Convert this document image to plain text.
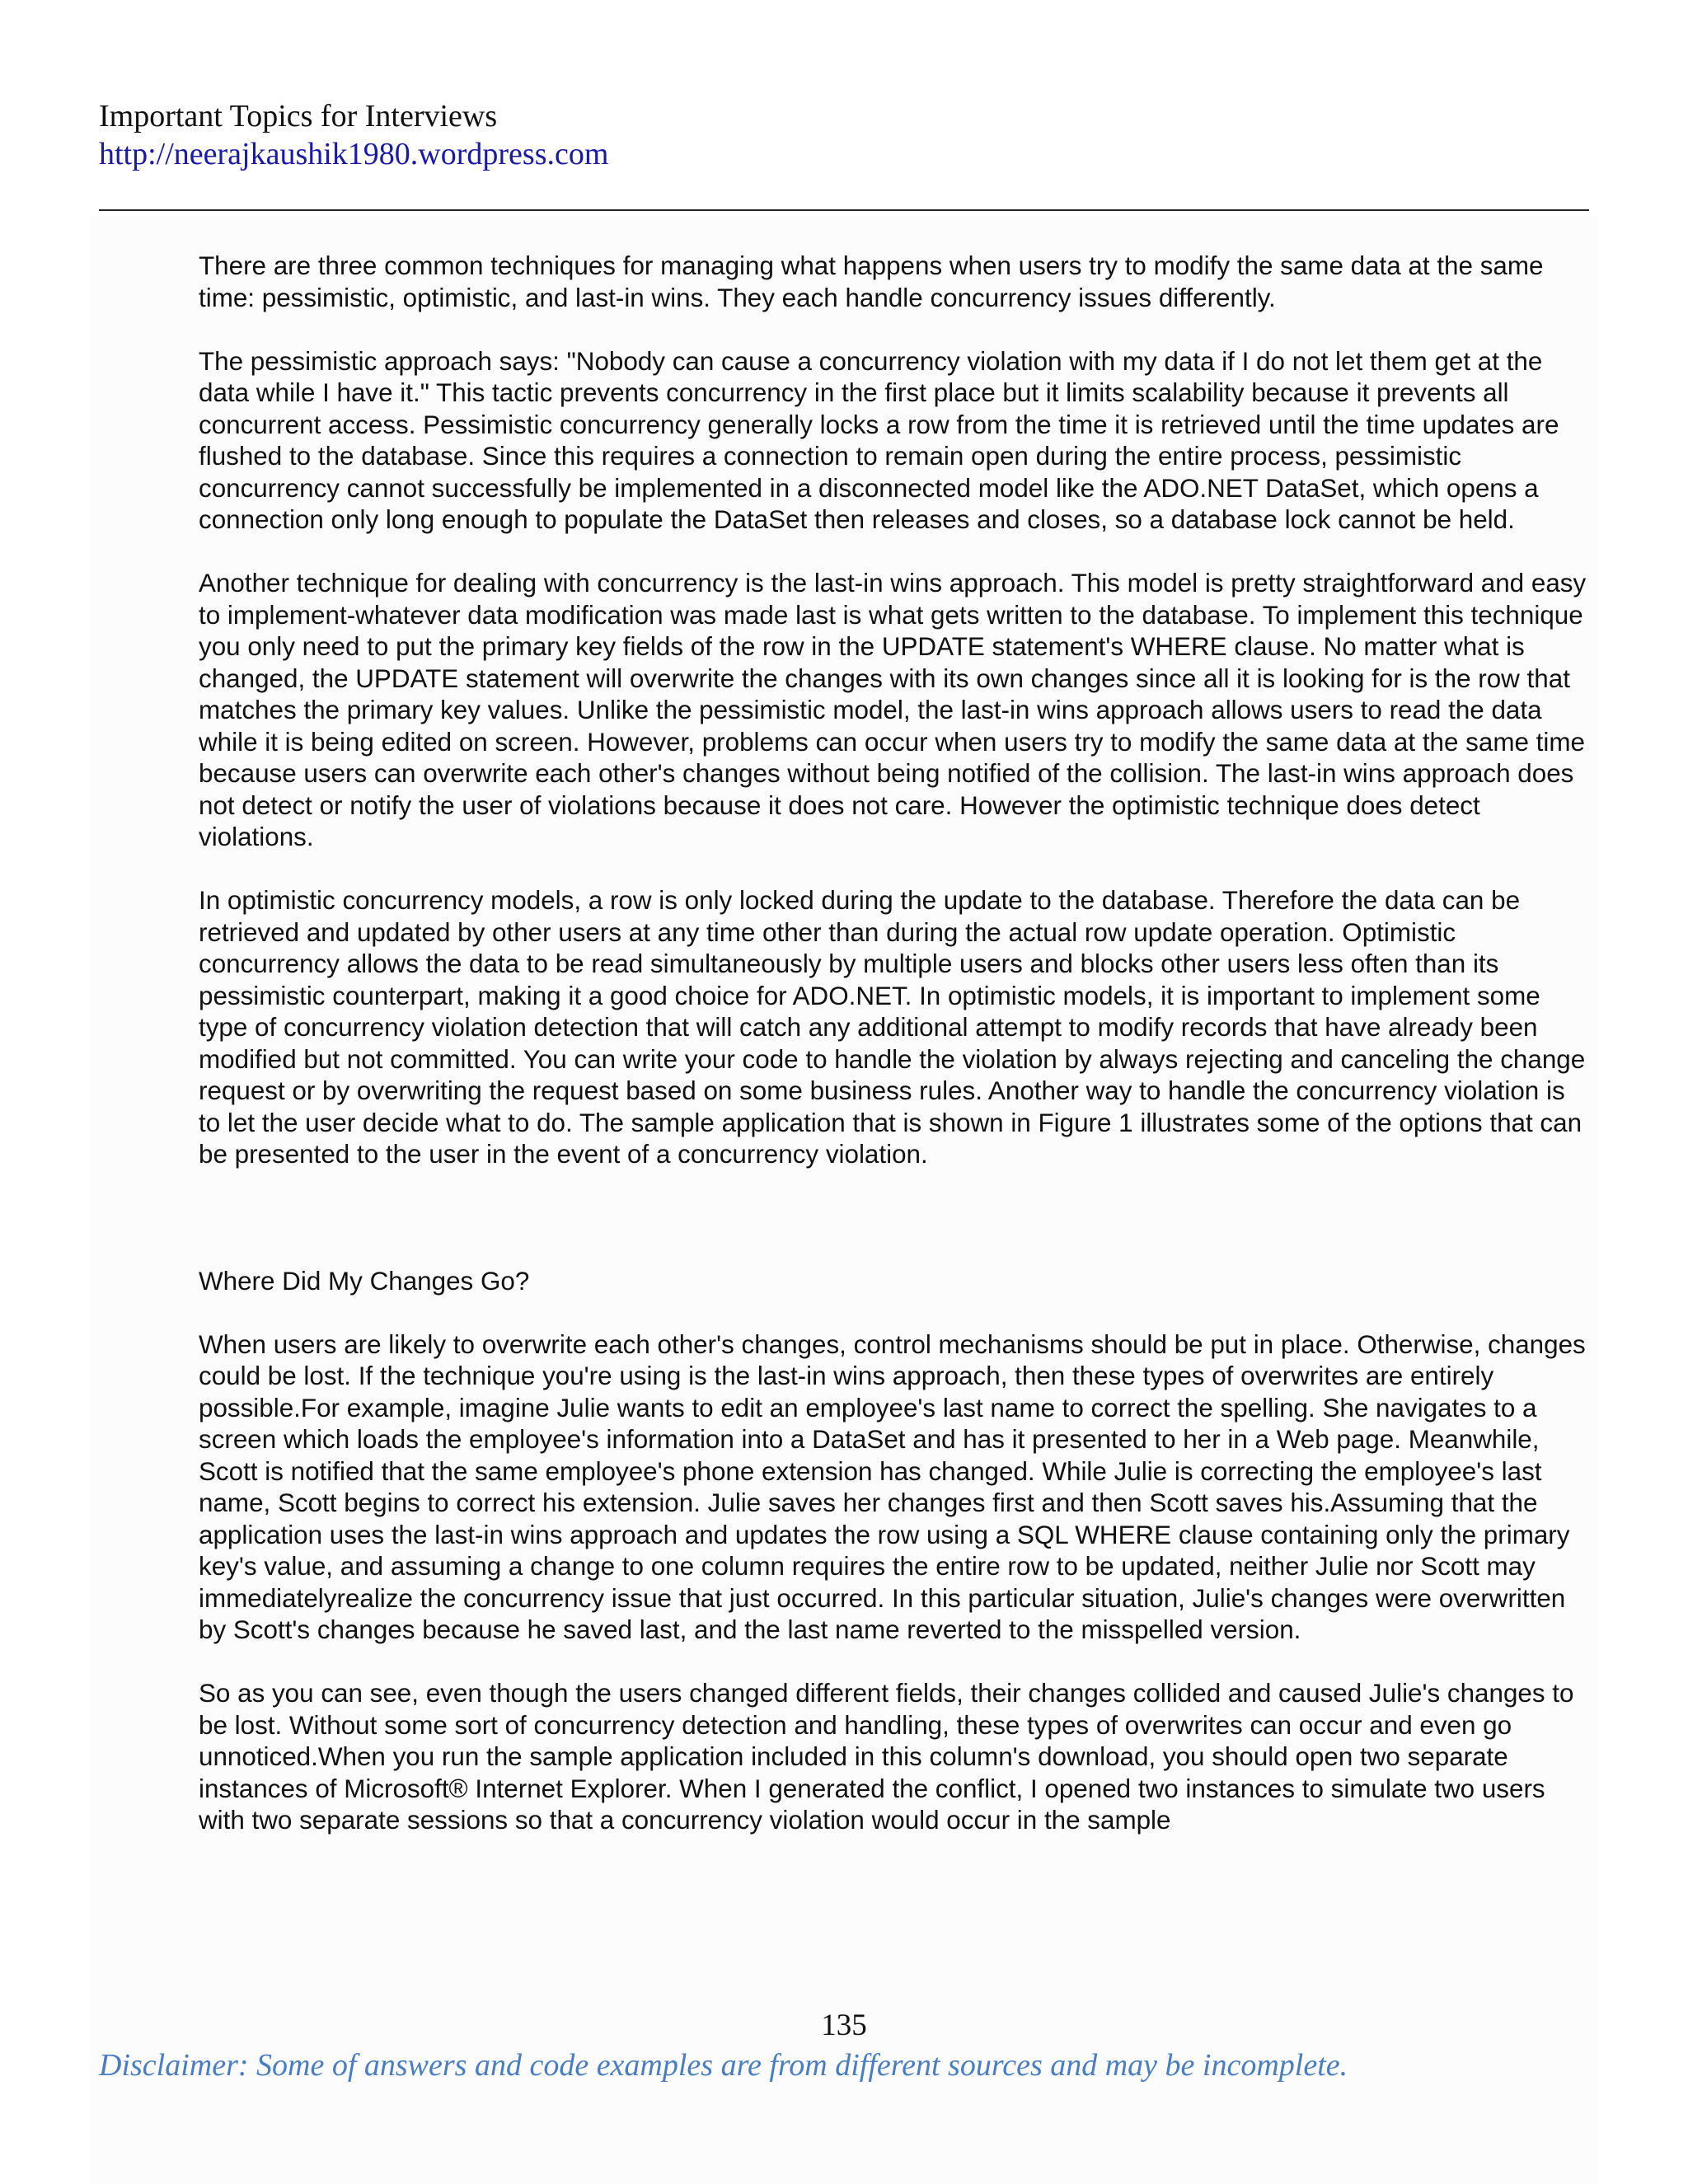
Important Topics for Interviews
http://neerajkaushik1980.wordpress.com

There are three common techniques for managing what happens when users try to modify the same data at the same time: pessimistic, optimistic, and last-in wins. They each handle concurrency issues differently.

The pessimistic approach says: "Nobody can cause a concurrency violation with my data if I do not let them get at the data while I have it." This tactic prevents concurrency in the first place but it limits scalability because it prevents all concurrent access. Pessimistic concurrency generally locks a row from the time it is retrieved until the time updates are flushed to the database. Since this requires a connection to remain open during the entire process, pessimistic concurrency cannot successfully be implemented in a disconnected model like the ADO.NET DataSet, which opens a connection only long enough to populate the DataSet then releases and closes, so a database lock cannot be held.

Another technique for dealing with concurrency is the last-in wins approach. This model is pretty straightforward and easy to implement-whatever data modification was made last is what gets written to the database. To implement this technique you only need to put the primary key fields of the row in the UPDATE statement's WHERE clause. No matter what is changed, the UPDATE statement will overwrite the changes with its own changes since all it is looking for is the row that matches the primary key values. Unlike the pessimistic model, the last-in wins approach allows users to read the data while it is being edited on screen. However, problems can occur when users try to modify the same data at the same time because users can overwrite each other's changes without being notified of the collision. The last-in wins approach does not detect or notify the user of violations because it does not care. However the optimistic technique does detect violations.

In optimistic concurrency models, a row is only locked during the update to the database. Therefore the data can be retrieved and updated by other users at any time other than during the actual row update operation. Optimistic concurrency allows the data to be read simultaneously by multiple users and blocks other users less often than its pessimistic counterpart, making it a good choice for ADO.NET. In optimistic models, it is important to implement some type of concurrency violation detection that will catch any additional attempt to modify records that have already been modified but not committed. You can write your code to handle the violation by always rejecting and canceling the change request or by overwriting the request based on some business rules. Another way to handle the concurrency violation is to let the user decide what to do. The sample application that is shown in Figure 1 illustrates some of the options that can be presented to the user in the event of a concurrency violation.

Where Did My Changes Go?

When users are likely to overwrite each other's changes, control mechanisms should be put in place. Otherwise, changes could be lost. If the technique you're using is the last-in wins approach, then these types of overwrites are entirely possible.For example, imagine Julie wants to edit an employee's last name to correct the spelling. She navigates to a screen which loads the employee's information into a DataSet and has it presented to her in a Web page. Meanwhile, Scott is notified that the same employee's phone extension has changed. While Julie is correcting the employee's last name, Scott begins to correct his extension. Julie saves her changes first and then Scott saves his.Assuming that the application uses the last-in wins approach and updates the row using a SQL WHERE clause containing only the primary key's value, and assuming a change to one column requires the entire row to be updated, neither Julie nor Scott may immediatelyrealize the concurrency issue that just occurred. In this particular situation, Julie's changes were overwritten by Scott's changes because he saved last, and the last name reverted to the misspelled version.

So as you can see, even though the users changed different fields, their changes collided and caused Julie's changes to be lost. Without some sort of concurrency detection and handling, these types of overwrites can occur and even go unnoticed.When you run the sample application included in this column's download, you should open two separate instances of Microsoft® Internet Explorer. When I generated the conflict, I opened two instances to simulate two users with two separate sessions so that a concurrency violation would occur in the sample

135
Disclaimer: Some of answers and code examples are from different sources and may be incomplete.
